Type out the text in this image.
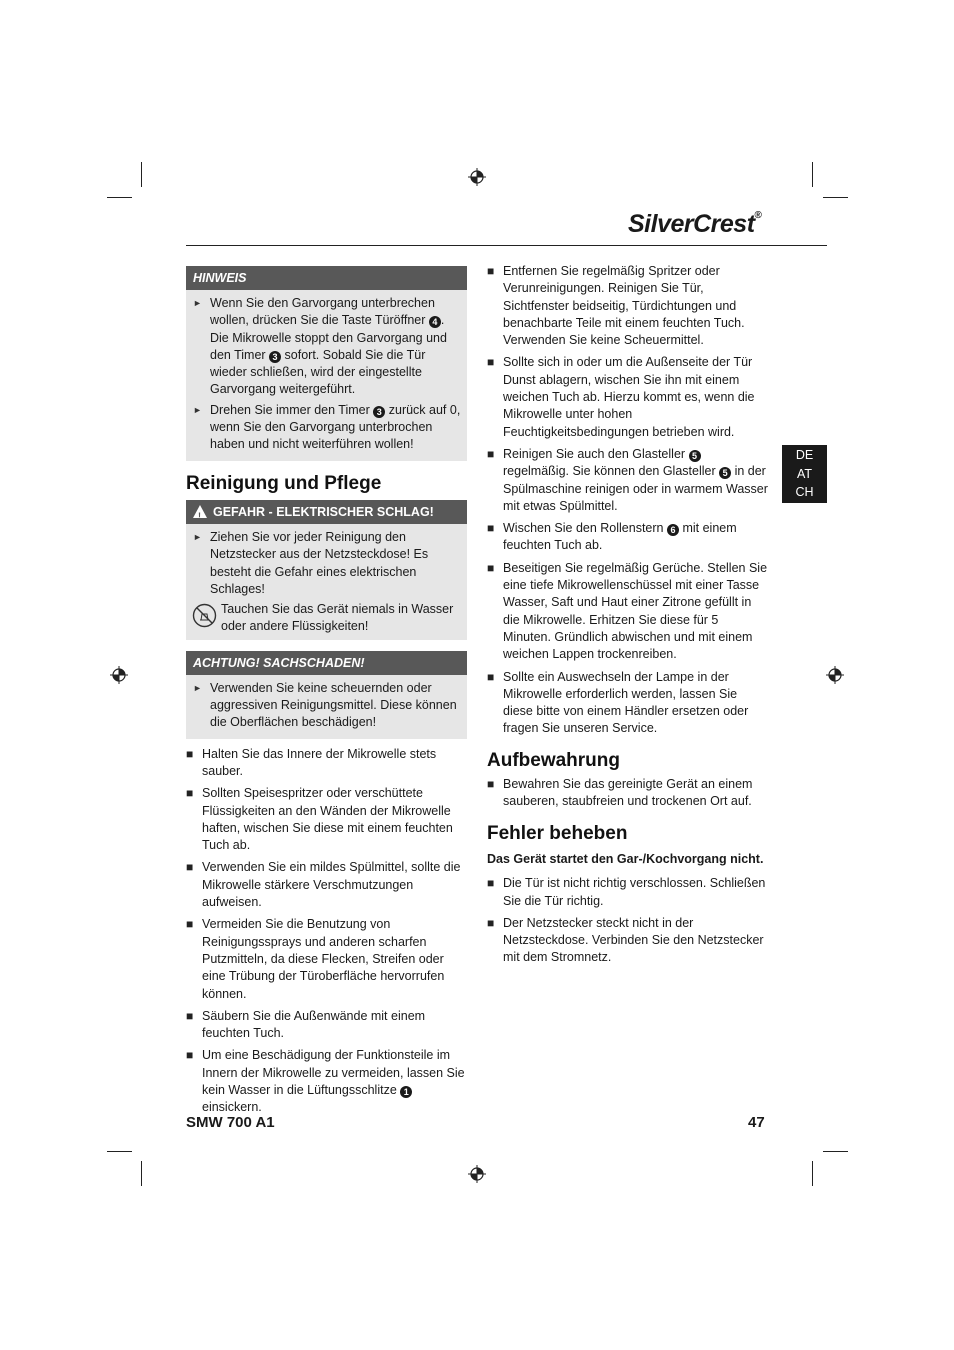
SilverCrest®
DE
AT
CH
HINWEIS
► Wenn Sie den Garvorgang unterbrechen wollen, drücken Sie die Taste Türöffner 4 . Die Mikrowelle stoppt den Garvorgang und den Timer 3 sofort. Sobald Sie die Tür wieder schließen, wird der eingestellte Garvorgang weitergeführt.
► Drehen Sie immer den Timer 3 zurück auf 0, wenn Sie den Garvorgang unterbrochen haben und nicht weiterführen wollen!
Reinigung und Pflege
! GEFAHR - ELEKTRISCHER SCHLAG!
► Ziehen Sie vor jeder Reinigung den Netzstecker aus der Netzsteckdose! Es besteht die Gefahr eines elektrischen Schlages!
Tauchen Sie das Gerät niemals in Wasser oder andere Flüssigkeiten!
ACHTUNG! SACHSCHADEN!
► Verwenden Sie keine scheuernden oder aggressiven Reinigungsmittel. Diese können die Oberflächen beschädigen!
■ Halten Sie das Innere der Mikrowelle stets sauber.
■ Sollten Speisespritzer oder verschüttete Flüssigkeiten an den Wänden der Mikrowelle haften, wischen Sie diese mit einem feuchten Tuch ab.
■ Verwenden Sie ein mildes Spülmittel, sollte die Mikrowelle stärkere Verschmutzungen aufweisen.
■ Vermeiden Sie die Benutzung von Reinigungssprays und anderen scharfen Putzmitteln, da diese Flecken, Streifen oder eine Trübung der Türoberfläche hervorrufen können.
■ Säubern Sie die Außenwände mit einem feuchten Tuch.
■ Um eine Beschädigung der Funktionsteile im Innern der Mikrowelle zu vermeiden, lassen Sie kein Wasser in die Lüftungsschlitze 1 einsickern.
■ Entfernen Sie regelmäßig Spritzer oder Verunreinigungen. Reinigen Sie Tür, Sichtfenster beidseitig, Türdichtungen und benachbarte Teile mit einem feuchten Tuch. Verwenden Sie keine Scheuermittel.
■ Sollte sich in oder um die Außenseite der Tür Dunst ablagern, wischen Sie ihn mit einem weichen Tuch ab. Hierzu kommt es, wenn die Mikrowelle unter hohen Feuchtigkeitsbedingungen betrieben wird.
■ Reinigen Sie auch den Glasteller 5 regelmäßig. Sie können den Glasteller 5 in der Spülmaschine reinigen oder in warmem Wasser mit etwas Spülmittel.
■ Wischen Sie den Rollenstern 6 mit einem feuchten Tuch ab.
■ Beseitigen Sie regelmäßig Gerüche. Stellen Sie eine tiefe Mikrowellenschüssel mit einer Tasse Wasser, Saft und Haut einer Zitrone gefüllt in die Mikrowelle. Erhitzen Sie diese für 5 Minuten. Gründlich abwischen und mit einem weichen Lappen trockenreiben.
■ Sollte ein Auswechseln der Lampe in der Mikrowelle erforderlich werden, lassen Sie diese bitte von einem Händler ersetzen oder fragen Sie unseren Service.
Aufbewahrung
■ Bewahren Sie das gereinigte Gerät an einem sauberen, staubfreien und trockenen Ort auf.
Fehler beheben
Das Gerät startet den Gar-/Kochvorgang nicht.
■ Die Tür ist nicht richtig verschlossen. Schließen Sie die Tür richtig.
■ Der Netzstecker steckt nicht in der Netzsteckdose. Verbinden Sie den Netzstecker mit dem Stromnetz.
SMW 700 A1	47
